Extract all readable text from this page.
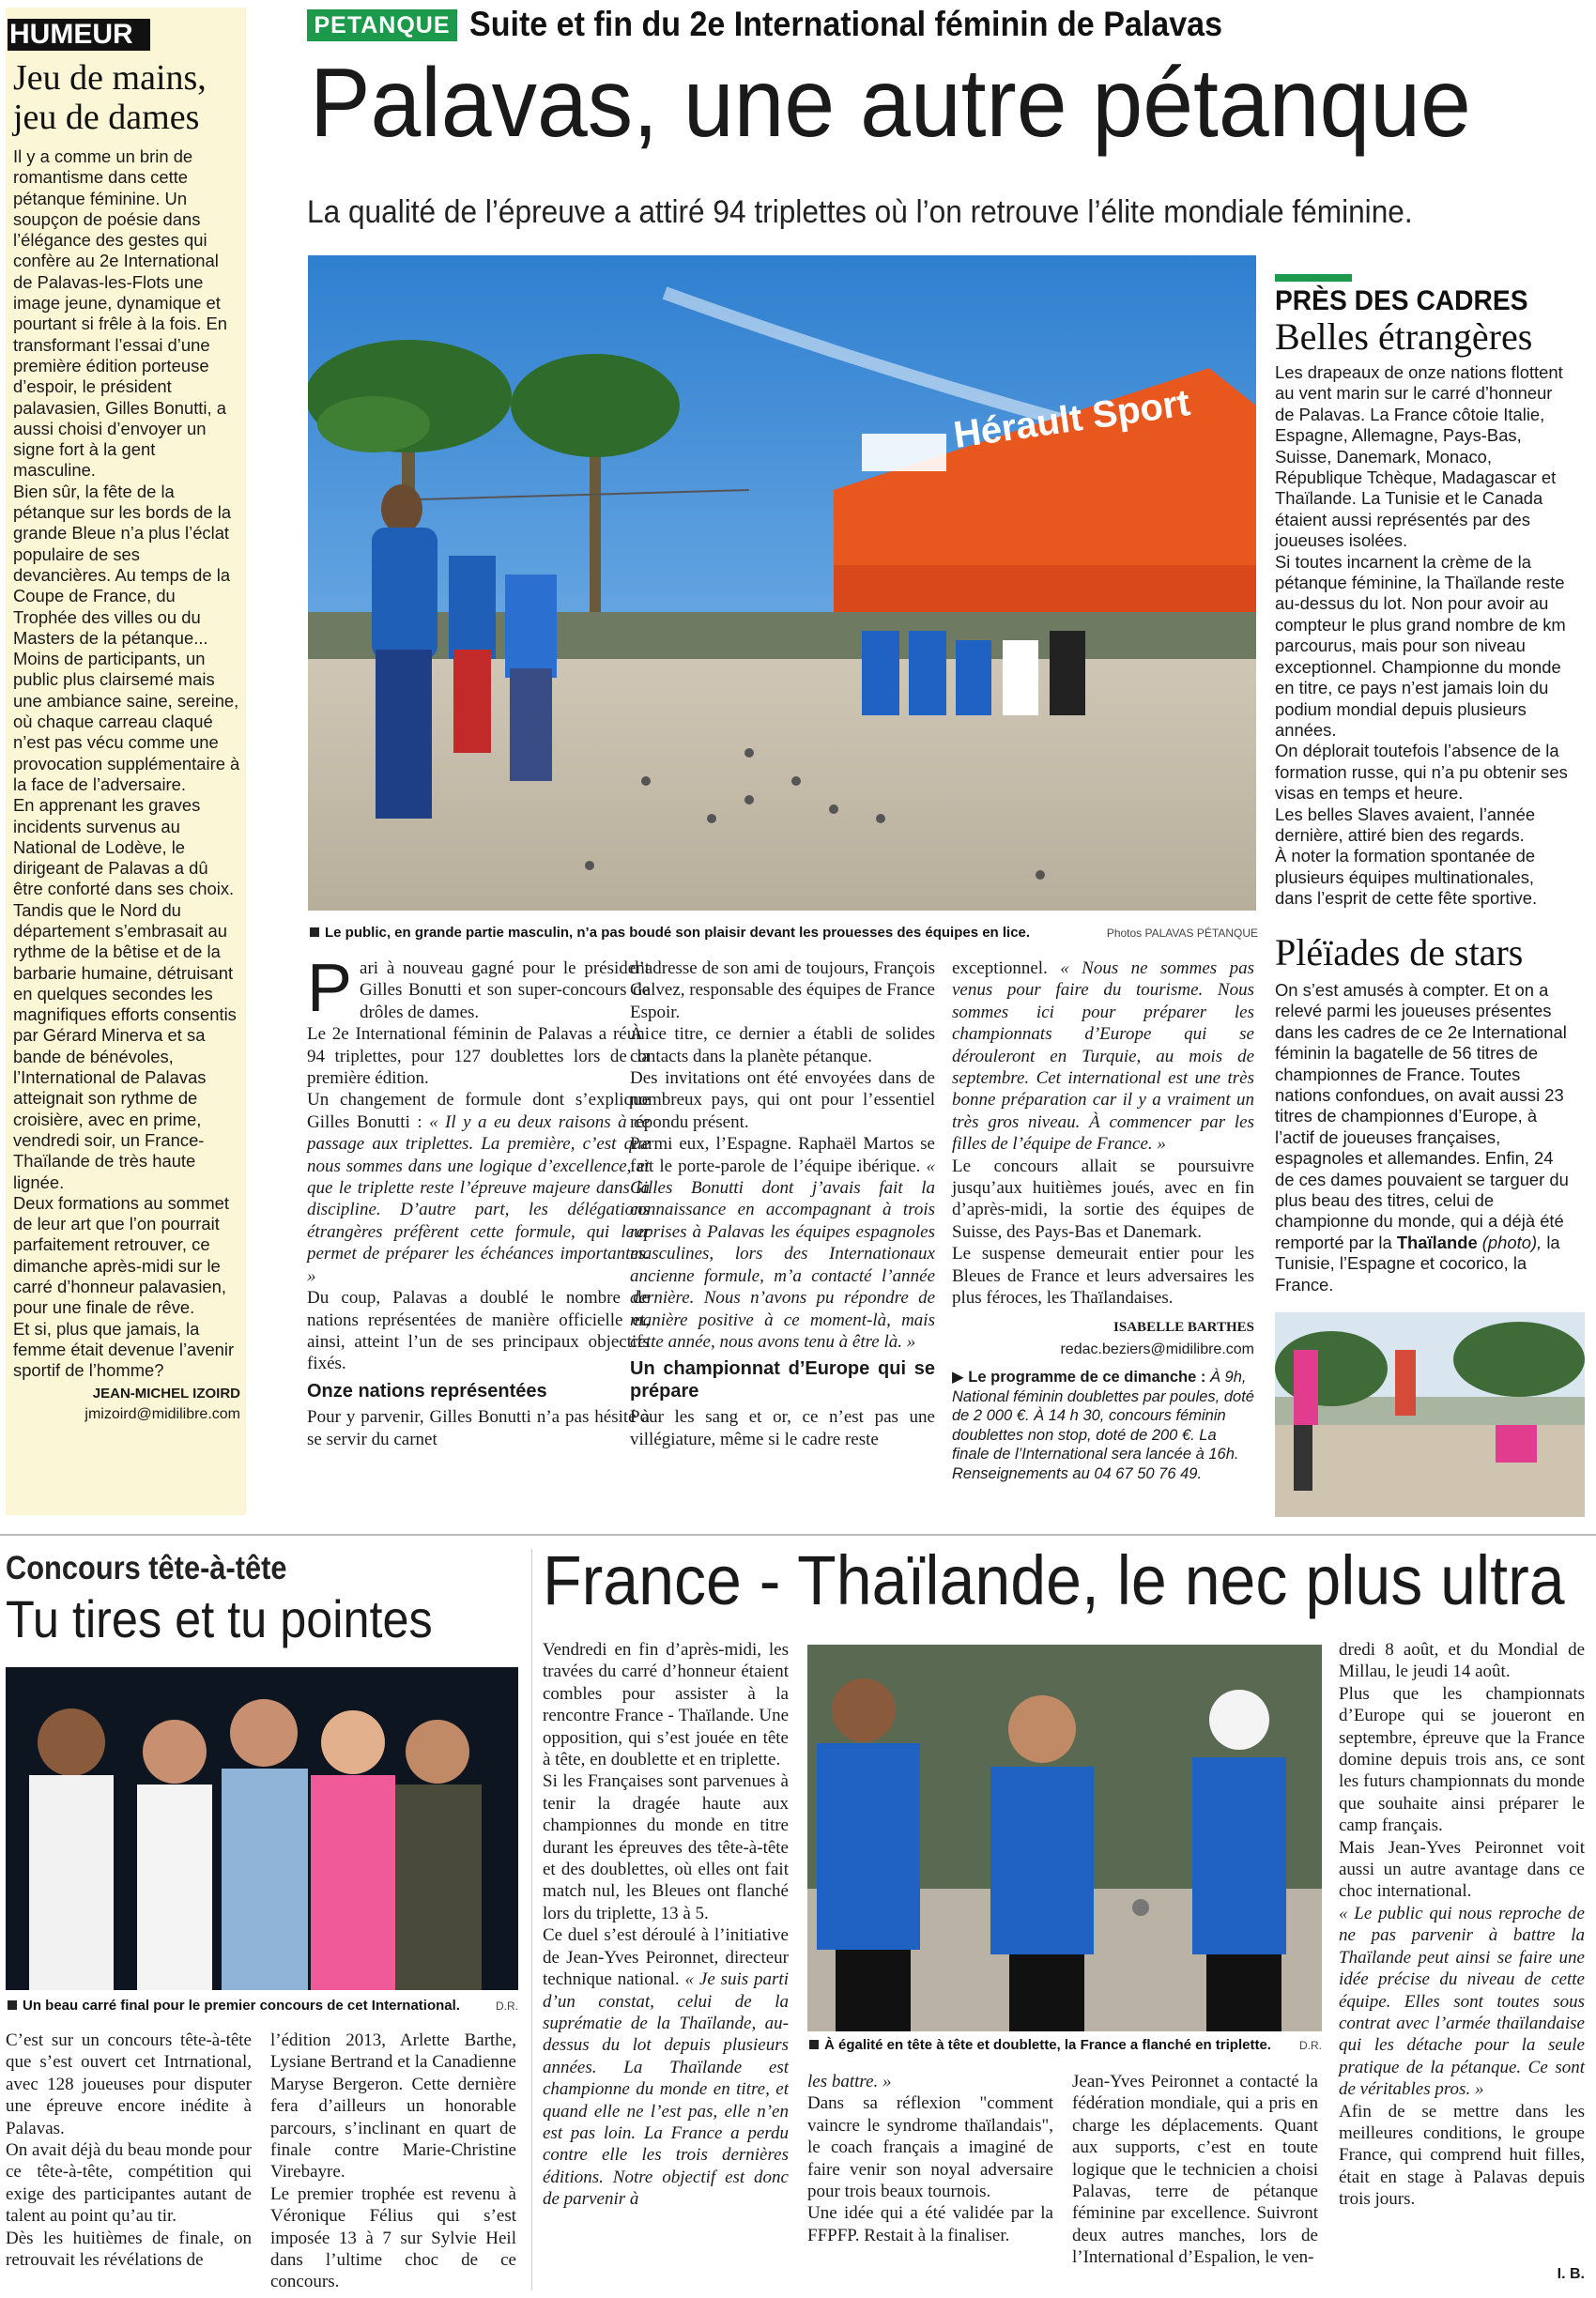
HUMEUR
Jeu de mains, jeu de dames

Il y a comme un brin de romantisme dans cette pétanque féminine. Un soupçon de poésie dans l’élégance des gestes qui confère au 2e International de Palavas-les-Flots une image jeune, dynamique et pourtant si frêle à la fois. En transformant l’essai d’une première édition porteuse d’espoir, le président palavasien, Gilles Bonutti, a aussi choisi d’envoyer un signe fort à la gent masculine.

Bien sûr, la fête de la pétanque sur les bords de la grande Bleue n’a plus l’éclat populaire de ses devancières. Au temps de la Coupe de France, du Trophée des villes ou du Masters de la pétanque... Moins de participants, un public plus clairsemé mais une ambiance saine, sereine, où chaque carreau claqué n’est pas vécu comme une provocation supplémentaire à la face de l’adversaire.

En apprenant les graves incidents survenus au National de Lodève, le dirigeant de Palavas a dû être conforté dans ses choix. Tandis que le Nord du département s’embrasait au rythme de la bêtise et de la barbarie humaine, détruisant en quelques secondes les magnifiques efforts consentis par Gérard Minerva et sa bande de bénévoles, l’International de Palavas atteignait son rythme de croisière, avec en prime, vendredi soir, un France-Thaïlande de très haute lignée.

Deux formations au sommet de leur art que l’on pourrait parfaitement retrouver, ce dimanche après-midi sur le carré d’honneur palavasien, pour une finale de rêve.

Et si, plus que jamais, la femme était devenue l’avenir sportif de l’homme?

JEAN-MICHEL IZOIRD
jmizoird@midilibre.com
PETANQUE Suite et fin du 2e International féminin de Palavas
Palavas, une autre pétanque
La qualité de l’épreuve a attiré 94 triplettes où l’on retrouve l’élite mondiale féminine.
Hérault Sport
Le public, en grande partie masculin, n’a pas boudé son plaisir devant les prouesses des équipes en lice.	Photos PALAVAS PÉTANQUE

Pari à nouveau gagné pour le président Gilles Bonutti et son super-concours de drôles de dames.

Le 2e International féminin de Palavas a réuni 94 triplettes, pour 127 doublettes lors de la première édition.

Un changement de formule dont s’explique Gilles Bonutti : « Il y a eu deux raisons à ce passage aux triplettes. La première, c’est que nous sommes dans une logique d’excellence, et que le triplette reste l’épreuve majeure dans la discipline. D’autre part, les délégations étrangères préfèrent cette formule, qui leur permet de préparer les échéances importantes. »

Du coup, Palavas a doublé le nombre de nations représentées de manière officielle et, ainsi, atteint l’un de ses principaux objectifs fixés.

Onze nations représentées

Pour y parvenir, Gilles Bonutti n’a pas hésité à se servir du carnet

d’adresse de son ami de toujours, François Galvez, responsable des équipes de France Espoir.

À ce titre, ce dernier a établi de solides contacts dans la planète pétanque.

Des invitations ont été envoyées dans de nombreux pays, qui ont pour l’essentiel répondu présent.

Parmi eux, l’Espagne. Raphaël Martos se fait le porte-parole de l’équipe ibérique. « Gilles Bonutti dont j’avais fait la connaissance en accompagnant à trois reprises à Palavas les équipes espagnoles masculines, lors des Internationaux ancienne formule, m’a contacté l’année dernière. Nous n’avons pu répondre de manière positive à ce moment-là, mais cette année, nous avons tenu à être là. »

Un championnat d’Europe qui se prépare

Pour les sang et or, ce n’est pas une villégiature, même si le cadre reste

exceptionnel. « Nous ne sommes pas venus pour faire du tourisme. Nous sommes ici pour préparer les championnats d’Europe qui se dérouleront en Turquie, au mois de septembre. Cet international est une très bonne préparation car il y a vraiment un très gros niveau. À commencer par les filles de l’équipe de France. »

Le concours allait se poursuivre jusqu’aux huitièmes joués, avec en fin d’après-midi, la sortie des équipes de Suisse, des Pays-Bas et Danemark.

Le suspense demeurait entier pour les Bleues de France et leurs adversaires les plus féroces, les Thaïlandaises.

ISABELLE BARTHES
redac.beziers@midilibre.com
▶ Le programme de ce dimanche : À 9h, National féminin doublettes par poules, doté de 2 000 €. À 14 h 30, concours féminin doublettes non stop, doté de 200 €. La finale de l’International sera lancée à 16h. Renseignements au 04 67 50 76 49.
PRÈS DES CADRES
Belles étrangères

Les drapeaux de onze nations flottent au vent marin sur le carré d’honneur de Palavas. La France côtoie Italie, Espagne, Allemagne, Pays-Bas, Suisse, Danemark, Monaco, République Tchèque, Madagascar et Thaïlande. La Tunisie et le Canada étaient aussi représentés par des joueuses isolées.

Si toutes incarnent la crème de la pétanque féminine, la Thaïlande reste au-dessus du lot. Non pour avoir au compteur le plus grand nombre de km parcourus, mais pour son niveau exceptionnel. Championne du monde en titre, ce pays n’est jamais loin du podium mondial depuis plusieurs années.

On déplorait toutefois l’absence de la formation russe, qui n’a pu obtenir ses visas en temps et heure.

Les belles Slaves avaient, l’année dernière, attiré bien des regards.

À noter la formation spontanée de plusieurs équipes multinationales, dans l’esprit de cette fête sportive.

Pléïades de stars

On s’est amusés à compter. Et on a relevé parmi les joueuses présentes dans les cadres de ce 2e International féminin la bagatelle de 56 titres de championnes de France. Toutes nations confondues, on avait aussi 23 titres de championnes d’Europe, à l’actif de joueuses françaises, espagnoles et allemandes. Enfin, 24 de ces dames pouvaient se targuer du plus beau des titres, celui de championne du monde, qui a déjà été remporté par la Thaïlande (photo), la Tunisie, l’Espagne et cocorico, la France.

Concours tête-à-tête
Tu tires et tu pointes
Un beau carré final pour le premier concours de cet International.	D.R.
C’est sur un concours tête-à-tête que s’est ouvert cet Intrnational, avec 128 joueuses pour disputer une épreuve encore inédite à Palavas.
On avait déjà du beau monde pour ce tête-à-tête, compétition qui exige des participantes autant de talent au point qu’au tir.
Dès les huitièmes de finale, on retrouvait les révélations de
l’édition 2013, Arlette Barthe, Lysiane Bertrand et la Canadienne Maryse Bergeron. Cette dernière fera d’ailleurs un honorable parcours, s’inclinant en quart de finale contre Marie-Christine Virebayre.
Le premier trophée est revenu à Véronique Félius qui s’est imposée 13 à 7 sur Sylvie Heil dans l’ultime choc de ce concours.
France - Thaïlande, le nec plus ultra

Vendredi en fin d’après-midi, les travées du carré d’honneur étaient combles pour assister à la rencontre France - Thaïlande. Une opposition, qui s’est jouée en tête à tête, en doublette et en triplette.

Si les Françaises sont parvenues à tenir la dragée haute aux championnes du monde en titre durant les épreuves des tête-à-tête et des doublettes, où elles ont fait match nul, les Bleues ont flanché lors du triplette, 13 à 5.

Ce duel s’est déroulé à l’initiative de Jean-Yves Peironnet, directeur technique national. « Je suis parti d’un constat, celui de la suprématie de la Thaïlande, au-dessus du lot depuis plusieurs années. La Thaïlande est championne du monde en titre, et quand elle ne l’est pas, elle n’en est pas loin. La France a perdu contre elle les trois dernières éditions. Notre objectif est donc de parvenir à

À égalité en tête à tête et doublette, la France a flanché en triplette.	D.R.

les battre. »

Dans sa réflexion "comment vaincre le syndrome thaïlandais", le coach français a imaginé de faire venir son noyal adversaire pour trois beaux tournois.

Une idée qui a été validée par la FFPFP. Restait à la finaliser.

Jean-Yves Peironnet a contacté la fédération mondiale, qui a pris en charge les déplacements. Quant aux supports, c’est en toute logique que le technicien a choisi Palavas, terre de pétanque féminine par excellence. Suivront deux autres manches, lors de l’International d’Espalion, le ven-

dredi 8 août, et du Mondial de Millau, le jeudi 14 août.

Plus que les championnats d’Europe qui se joueront en septembre, épreuve que la France domine depuis trois ans, ce sont les futurs championnats du monde que souhaite ainsi préparer le camp français.

Mais Jean-Yves Peironnet voit aussi un autre avantage dans ce choc international.

« Le public qui nous reproche de ne pas parvenir à battre la Thaïlande peut ainsi se faire une idée précise du niveau de cette équipe. Elles sont toutes sous contrat avec l’armée thaïlandaise qui les détache pour la seule pratique de la pétanque. Ce sont de véritables pros. »

Afin de se mettre dans les meilleures conditions, le groupe France, qui comprend huit filles, était en stage à Palavas depuis trois jours.

I. B.
